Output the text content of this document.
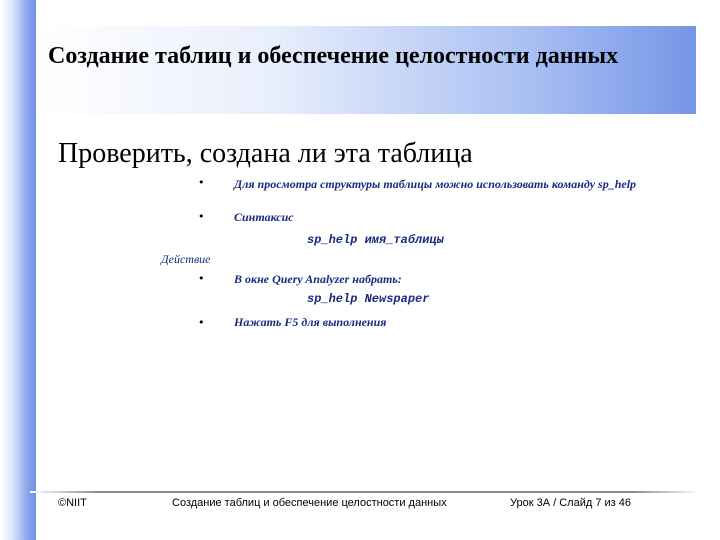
Создание таблиц и обеспечение целостности данных
Проверить, создана ли эта таблица
•	Для просмотра структуры таблицы можно использовать команду sp_help
•	Синтаксис
sp_help имя_таблицы
Действие
•	В окне Query Analyzer набрать:
sp_help Newspaper
•	Нажать F5 для выполнения
©NIIT	Создание таблиц и обеспечение целостности данных	Урок 3А / Слайд 7 из 46
